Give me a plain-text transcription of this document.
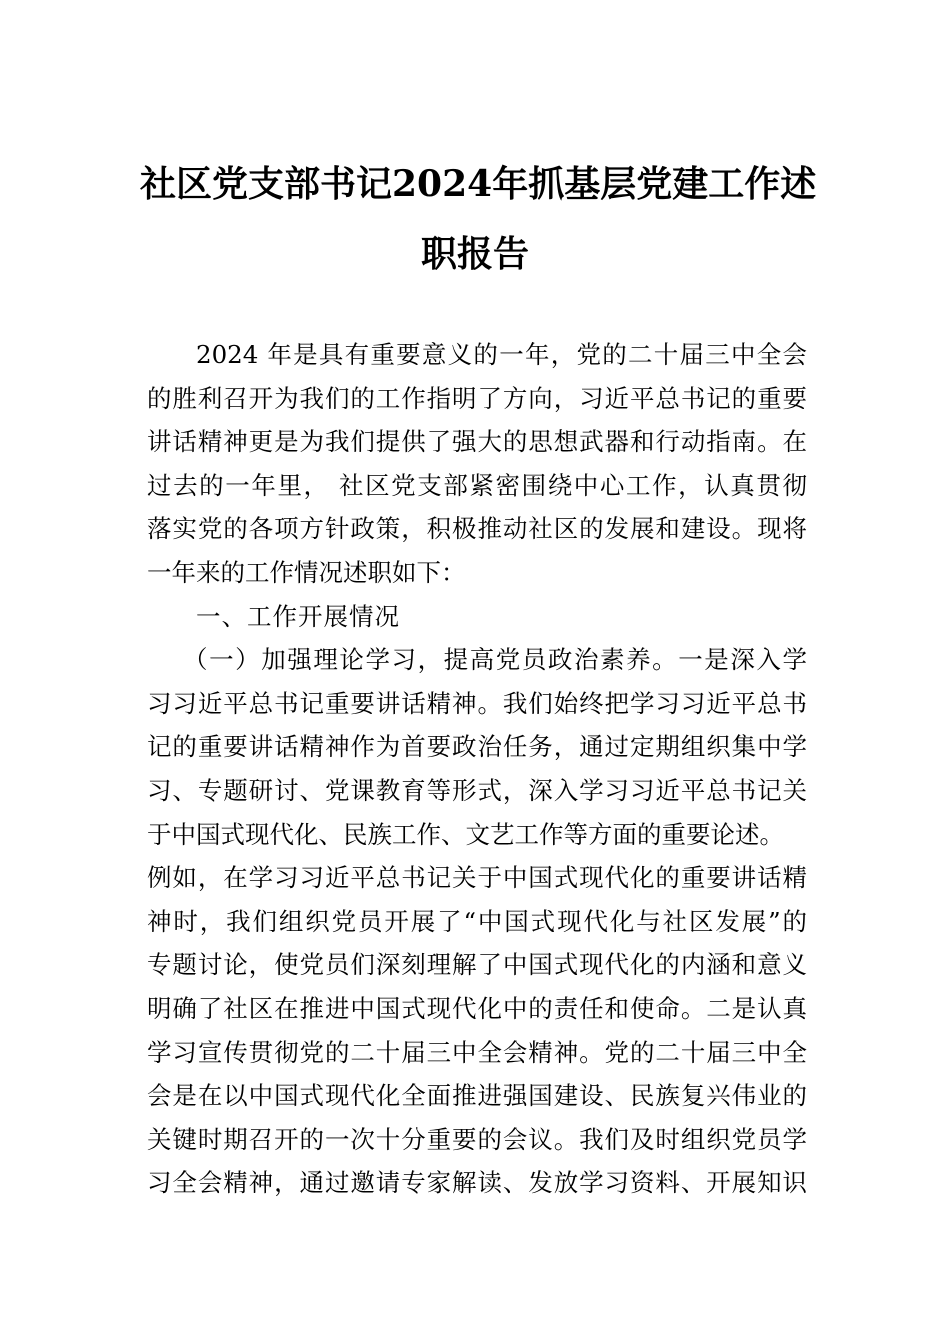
社区党支部书记2024年抓基层党建工作述
职报告
2024 年是具有重要意义的一年，党的二十届三中全会
的胜利召开为我们的工作指明了方向，习近平总书记的重要
讲话精神更是为我们提供了强大的思想武器和行动指南。在
过去的一年里， 社区党支部紧密围绕中心工作，认真贯彻
落实党的各项方针政策，积极推动社区的发展和建设。现将
一年来的工作情况述职如下：
一、工作开展情况
（一）加强理论学习，提高党员政治素养。一是深入学
习习近平总书记重要讲话精神。我们始终把学习习近平总书
记的重要讲话精神作为首要政治任务，通过定期组织集中学
习、专题研讨、党课教育等形式，深入学习习近平总书记关
于中国式现代化、民族工作、文艺工作等方面的重要论述。
例如，在学习习近平总书记关于中国式现代化的重要讲话精
神时，我们组织党员开展了“中国式现代化与社区发展”的
专题讨论，使党员们深刻理解了中国式现代化的内涵和意义
明确了社区在推进中国式现代化中的责任和使命。二是认真
学习宣传贯彻党的二十届三中全会精神。党的二十届三中全
会是在以中国式现代化全面推进强国建设、民族复兴伟业的
关键时期召开的一次十分重要的会议。我们及时组织党员学
习全会精神，通过邀请专家解读、发放学习资料、开展知识
